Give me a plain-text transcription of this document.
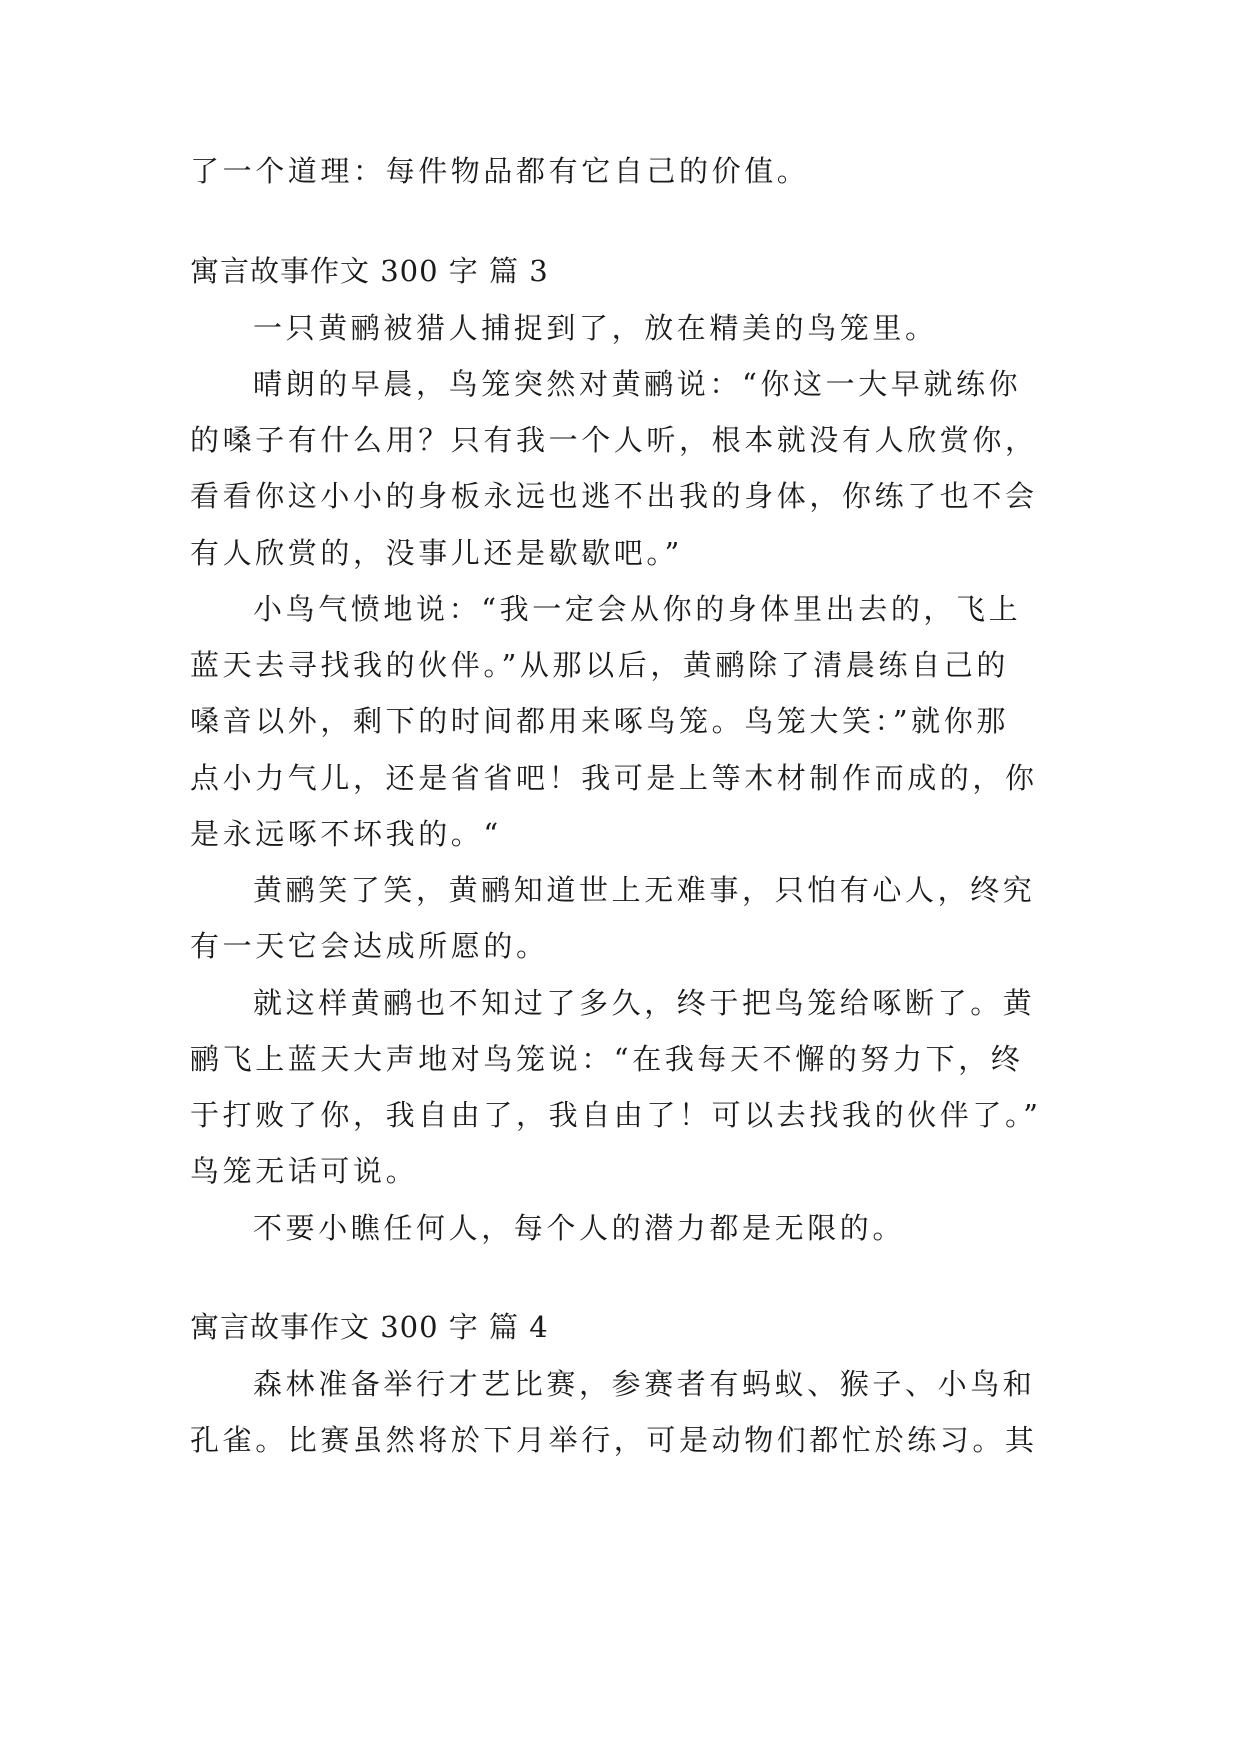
了一个道理：每件物品都有它自己的价值。
寓言故事作文 300 字 篇 3
一只黄鹂被猎人捕捉到了，放在精美的鸟笼里。
晴朗的早晨，鸟笼突然对黄鹂说：“你这一大早就练你
的嗓子有什么用？只有我一个人听，根本就没有人欣赏你，
看看你这小小的身板永远也逃不出我的身体，你练了也不会
有人欣赏的，没事儿还是歇歇吧。”
小鸟气愤地说：“我一定会从你的身体里出去的，飞上
蓝天去寻找我的伙伴。”从那以后，黄鹂除了清晨练自己的
嗓音以外，剩下的时间都用来啄鸟笼。鸟笼大笑：”就你那
点小力气儿，还是省省吧！我可是上等木材制作而成的，你
是永远啄不坏我的。“
黄鹂笑了笑，黄鹂知道世上无难事，只怕有心人，终究
有一天它会达成所愿的。
就这样黄鹂也不知过了多久，终于把鸟笼给啄断了。黄
鹂飞上蓝天大声地对鸟笼说：“在我每天不懈的努力下，终
于打败了你，我自由了，我自由了！可以去找我的伙伴了。”
鸟笼无话可说。
不要小瞧任何人，每个人的潜力都是无限的。
寓言故事作文 300 字 篇 4
森林准备举行才艺比赛，参赛者有蚂蚁、猴子、小鸟和
孔雀。比赛虽然将於下月举行，可是动物们都忙於练习。其
